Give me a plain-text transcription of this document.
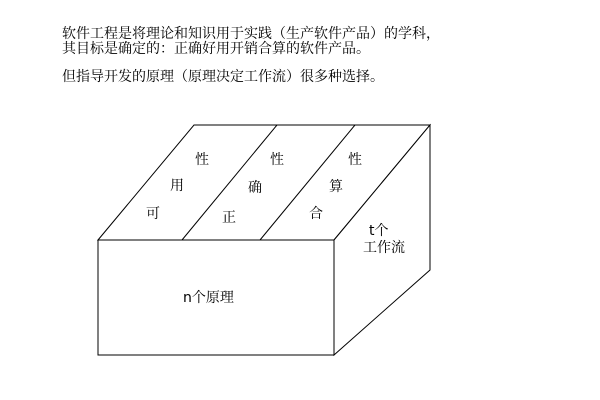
软件工程是将理论和知识用于实践（生产软件产品）的学科，

其目标是确定的：正确好用开销合算的软件产品。

但指导开发的原理（原理决定工作流）很多种选择。

可
用
性
正
确
性
合
算
性
t个
工作流
n个原理
